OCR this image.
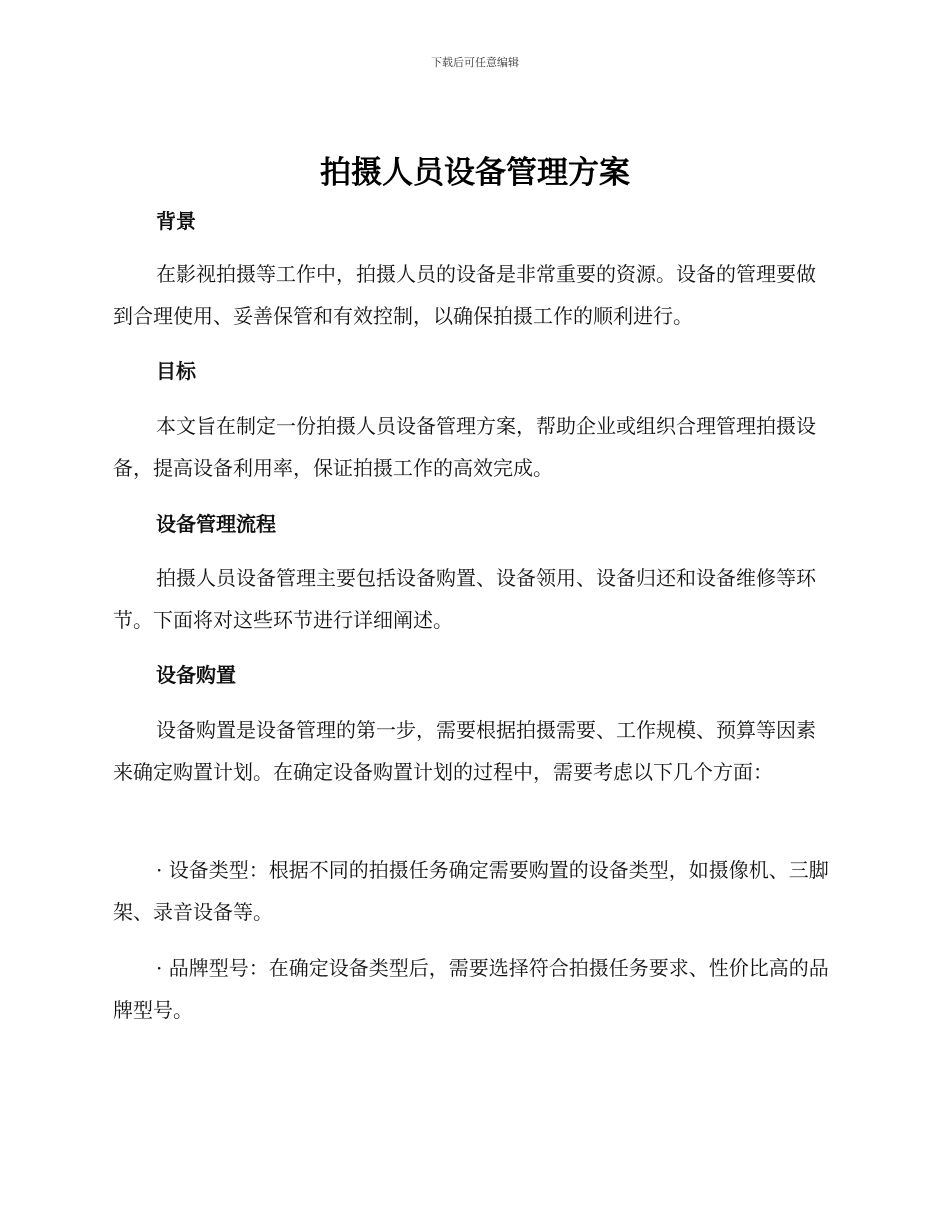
下载后可任意编辑
拍摄人员设备管理方案
背景

在影视拍摄等工作中，拍摄人员的设备是非常重要的资源。设备的管理要做到合理使用、妥善保管和有效控制，以确保拍摄工作的顺利进行。

目标

本文旨在制定一份拍摄人员设备管理方案，帮助企业或组织合理管理拍摄设备，提高设备利用率，保证拍摄工作的高效完成。

设备管理流程

拍摄人员设备管理主要包括设备购置、设备领用、设备归还和设备维修等环节。下面将对这些环节进行详细阐述。

设备购置

设备购置是设备管理的第一步，需要根据拍摄需要、工作规模、预算等因素来确定购置计划。在确定设备购置计划的过程中，需要考虑以下几个方面：

· 设备类型：根据不同的拍摄任务确定需要购置的设备类型，如摄像机、三脚架、录音设备等。

· 品牌型号：在确定设备类型后，需要选择符合拍摄任务要求、性价比高的品牌型号。
